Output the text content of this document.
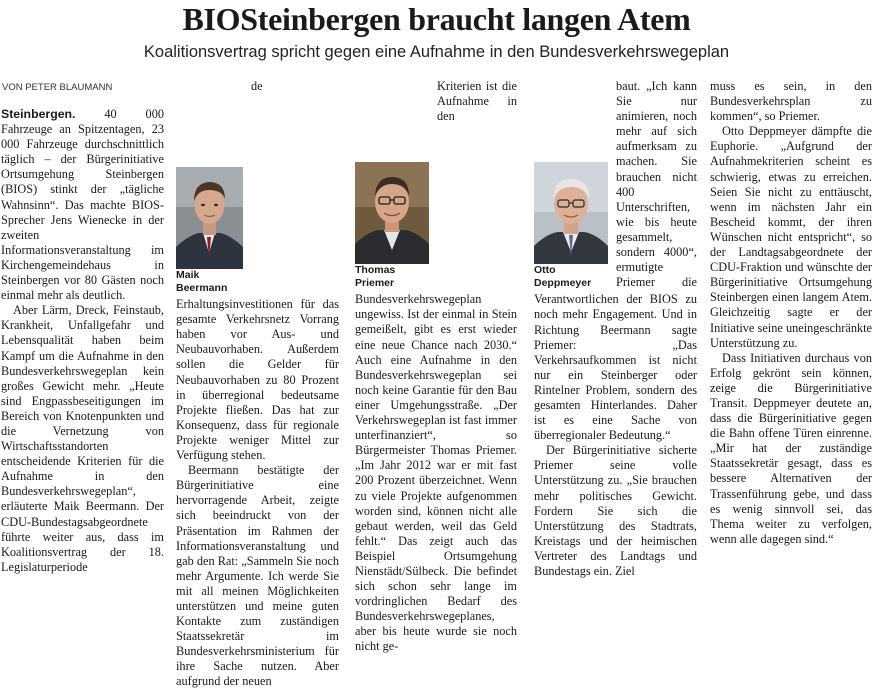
BIOSteinbergen braucht langen Atem
Koalitionsvertrag spricht gegen eine Aufnahme in den Bundesverkehrswegeplan
VON PETER BLAUMANN

Steinbergen. 40 000 Fahrzeuge an Spitzentagen, 23 000 Fahrzeuge durchschnittlich täglich – der Bürgerinitiative Ortsumgehung Steinbergen (BIOS) stinkt der „tägliche Wahnsinn“. Das machte BIOS-Sprecher Jens Wienecke in der zweiten Informationsveranstaltung im Kirchengemeindehaus in Steinbergen vor 80 Gästen noch einmal mehr als deutlich.

Aber Lärm, Dreck, Feinstaub, Krankheit, Unfallgefahr und Lebensqualität haben beim Kampf um die Aufnahme in den Bundesverkehrswegeplan kein großes Gewicht mehr. „Heute sind Engpassbeseitigungen im Bereich von Knotenpunkten und die Vernetzung von Wirtschaftsstandorten entscheidende Kriterien für die Aufnahme in den Bundesverkehrswegeplan“, erläuterte Maik Beermann. Der CDU-Bundestagsabgeordnete führte weiter aus, dass im Koalitionsvertrag der 18. Legislaturperiode

Maik
Beermann
de Erhaltungsinvestitionen für das gesamte Verkehrsnetz Vorrang haben vor Aus- und Neubauvorhaben. Außerdem sollen die Gelder für Neubauvorhaben zu 80 Prozent in überregional bedeutsame Projekte fließen. Das hat zur Konsequenz, dass für regionale Projekte weniger Mittel zur Verfügung stehen.

Beermann bestätigte der Bürgerinitiative eine hervorragende Arbeit, zeigte sich beeindruckt von der Präsentation im Rahmen der Informationsveranstaltung und gab den Rat: „Sammeln Sie noch mehr Argumente. Ich werde Sie mit all meinen Möglichkeiten unterstützen und meine guten Kontakte zum zuständigen Staatssekretär im Bundesverkehrsministerium für ihre Sache nutzen. Aber aufgrund der neuen

Thomas
Priemer
Kriterien ist die Aufnahme in den Bundesverkehrswegeplan ungewiss. Ist der einmal in Stein gemeißelt, gibt es erst wieder eine neue Chance nach 2030.“ Auch eine Aufnahme in den Bundesverkehrswegeplan sei noch keine Garantie für den Bau einer Umgehungsstraße. „Der Verkehrswegeplan ist fast immer unterfinanziert“, so Bürgermeister Thomas Priemer. „Im Jahr 2012 war er mit fast 200 Prozent überzeichnet. Wenn zu viele Projekte aufgenommen worden sind, können nicht alle gebaut werden, weil das Geld fehlt.“ Das zeigt auch das Beispiel Ortsumgehung Nienstädt/Sülbeck. Die befindet sich schon sehr lange im vordringlichen Bedarf des Bundesverkehrswegeplanes, aber bis heute wurde sie noch nicht ge-

Otto
Deppmeyer
baut. „Ich kann Sie nur animieren, noch mehr auf sich aufmerksam zu machen. Sie brauchen nicht 400 Unterschriften, wie bis heute gesammelt, sondern 4000“, ermutigte Priemer die Verantwortlichen der BIOS zu noch mehr Engagement. Und in Richtung Beermann sagte Priemer: „Das Verkehrsaufkommen ist nicht nur ein Steinberger oder Rintelner Problem, sondern des gesamten Hinterlandes. Daher ist es eine Sache von überregionaler Bedeutung.“

Der Bürgerinitiative sicherte Priemer seine volle Unterstützung zu. „Sie brauchen mehr politisches Gewicht. Fordern Sie sich die Unterstützung des Stadtrats, Kreistags und der heimischen Vertreter des Landtags und Bundestags ein. Ziel

muss es sein, in den Bundesverkehrsplan zu kommen“, so Priemer.

Otto Deppmeyer dämpfte die Euphorie. „Aufgrund der Aufnahmekriterien scheint es schwierig, etwas zu erreichen. Seien Sie nicht zu enttäuscht, wenn im nächsten Jahr ein Bescheid kommt, der ihren Wünschen nicht entspricht“, so der Landtagsabgeordnete der CDU-Fraktion und wünschte der Bürgerinitiative Ortsumgehung Steinbergen einen langem Atem. Gleichzeitig sagte er der Initiative seine uneingeschränkte Unterstützung zu.

Dass Initiativen durchaus von Erfolg gekrönt sein können, zeige die Bürgerinitiative Transit. Deppmeyer deutete an, dass die Bürgerinitiative gegen die Bahn offene Türen einrenne. „Mir hat der zuständige Staatssekretär gesagt, dass es bessere Alternativen der Trassenführung gebe, und dass es wenig sinnvoll sei, das Thema weiter zu verfolgen, wenn alle dagegen sind.“
